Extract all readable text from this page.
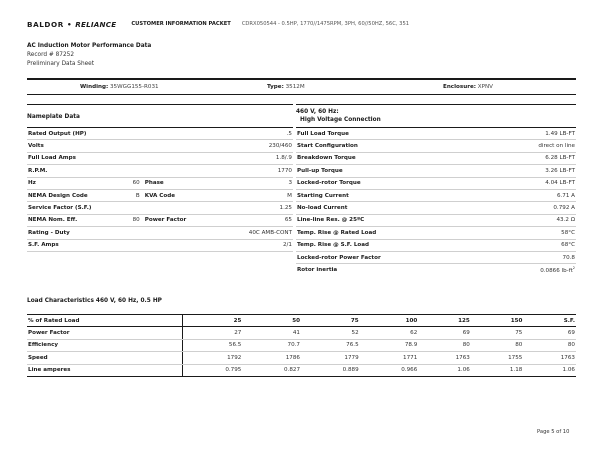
BALDOR • RELIANCE	CUSTOMER INFORMATION PACKET CDRX050544 - 0.5HP, 1770//1475RPM, 3PH, 60//50HZ, 56C, 351
AC Induction Motor Performance Data
Record # 87252
Preliminary Data Sheet
Winding: 35WGG155-R031	Type: 3512M	Enclosure: XPNV
Nameplate Data
Rated Output (HP)			.5
Volts			230/460
Full Load Amps			1.8/.9
R.P.M.			1770
Hz	60	Phase	3
NEMA Design Code	B	KVA Code	M
Service Factor (S.F.)			1.25
NEMA Nom. Eff.	80	Power Factor	65
Rating - Duty			40C AMB-CONT
S.F. Amps			2/1
460 V, 60 Hz:
High Voltage Connection
Full Load Torque	1.49 LB-FT
Start Configuration	direct on line
Breakdown Torque	6.28 LB-FT
Pull-up Torque	3.26 LB-FT
Locked-rotor Torque	4.04 LB-FT
Starting Current	6.71 A
No-load Current	0.792 A
Line-line Res. @ 25ºC	43.2 Ω
Temp. Rise @ Rated Load	58°C
Temp. Rise @ S.F. Load	68°C
Locked-rotor Power Factor	70.8
Rotor inertia	0.0866 $lb-ft^2$
Load Characteristics 460 V, 60 Hz, 0.5 HP
% of Rated Load	25	50	75	100	125	150	S.F.
Power Factor	27	41	52	62	69	75	69
Efficiency	56.5	70.7	76.5	78.9	80	80	80
Speed	1792	1786	1779	1771	1763	1755	1763
Line amperes	0.795	0.827	0.889	0.966	1.06	1.18	1.06
Page 5 of 10
